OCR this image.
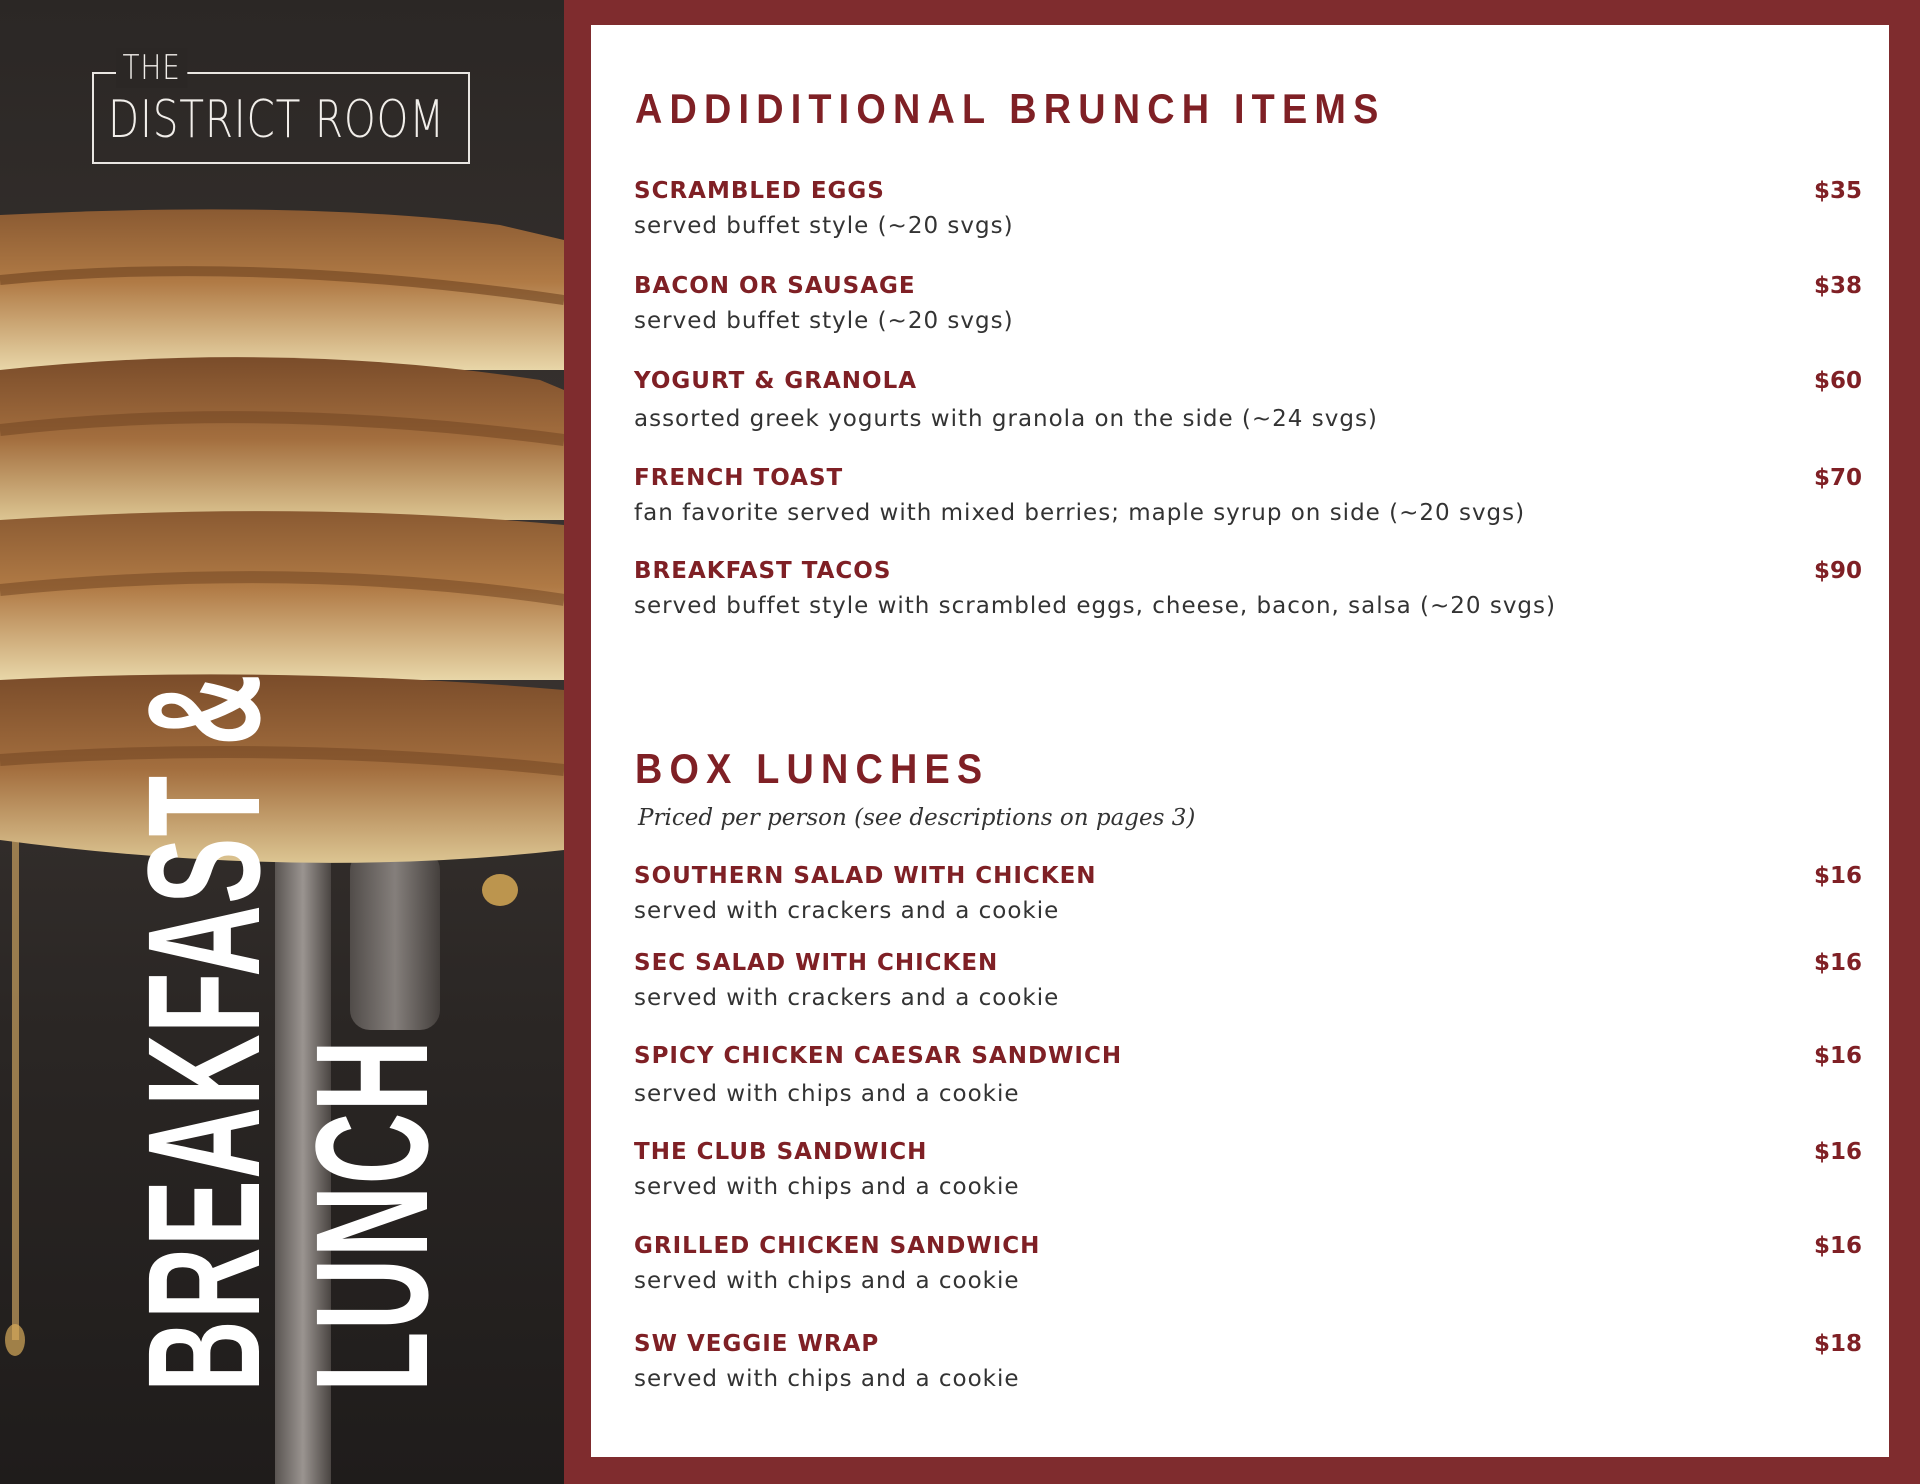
THE
DISTRICT ROOM
BREAKFAST &
LUNCH
ADDIDITIONAL BRUNCH ITEMS
SCRAMBLED EGGS	$35
served buffet style (~20 svgs)
BACON OR SAUSAGE	$38
served buffet style (~20 svgs)
YOGURT & GRANOLA	$60
assorted greek yogurts with granola on the side (~24 svgs)
FRENCH TOAST	$70
fan favorite served with mixed berries; maple syrup on side (~20 svgs)
BREAKFAST TACOS	$90
served buffet style with scrambled eggs, cheese, bacon, salsa (~20 svgs)
BOX LUNCHES
Priced per person (see descriptions on pages 3)
SOUTHERN SALAD WITH CHICKEN	$16
served with crackers and a cookie
SEC SALAD WITH CHICKEN	$16
served with crackers and a cookie
SPICY CHICKEN CAESAR SANDWICH	$16
served with chips and a cookie
THE CLUB SANDWICH	$16
served with chips and a cookie
GRILLED CHICKEN SANDWICH	$16
served with chips and a cookie
SW VEGGIE WRAP	$18
served with chips and a cookie
